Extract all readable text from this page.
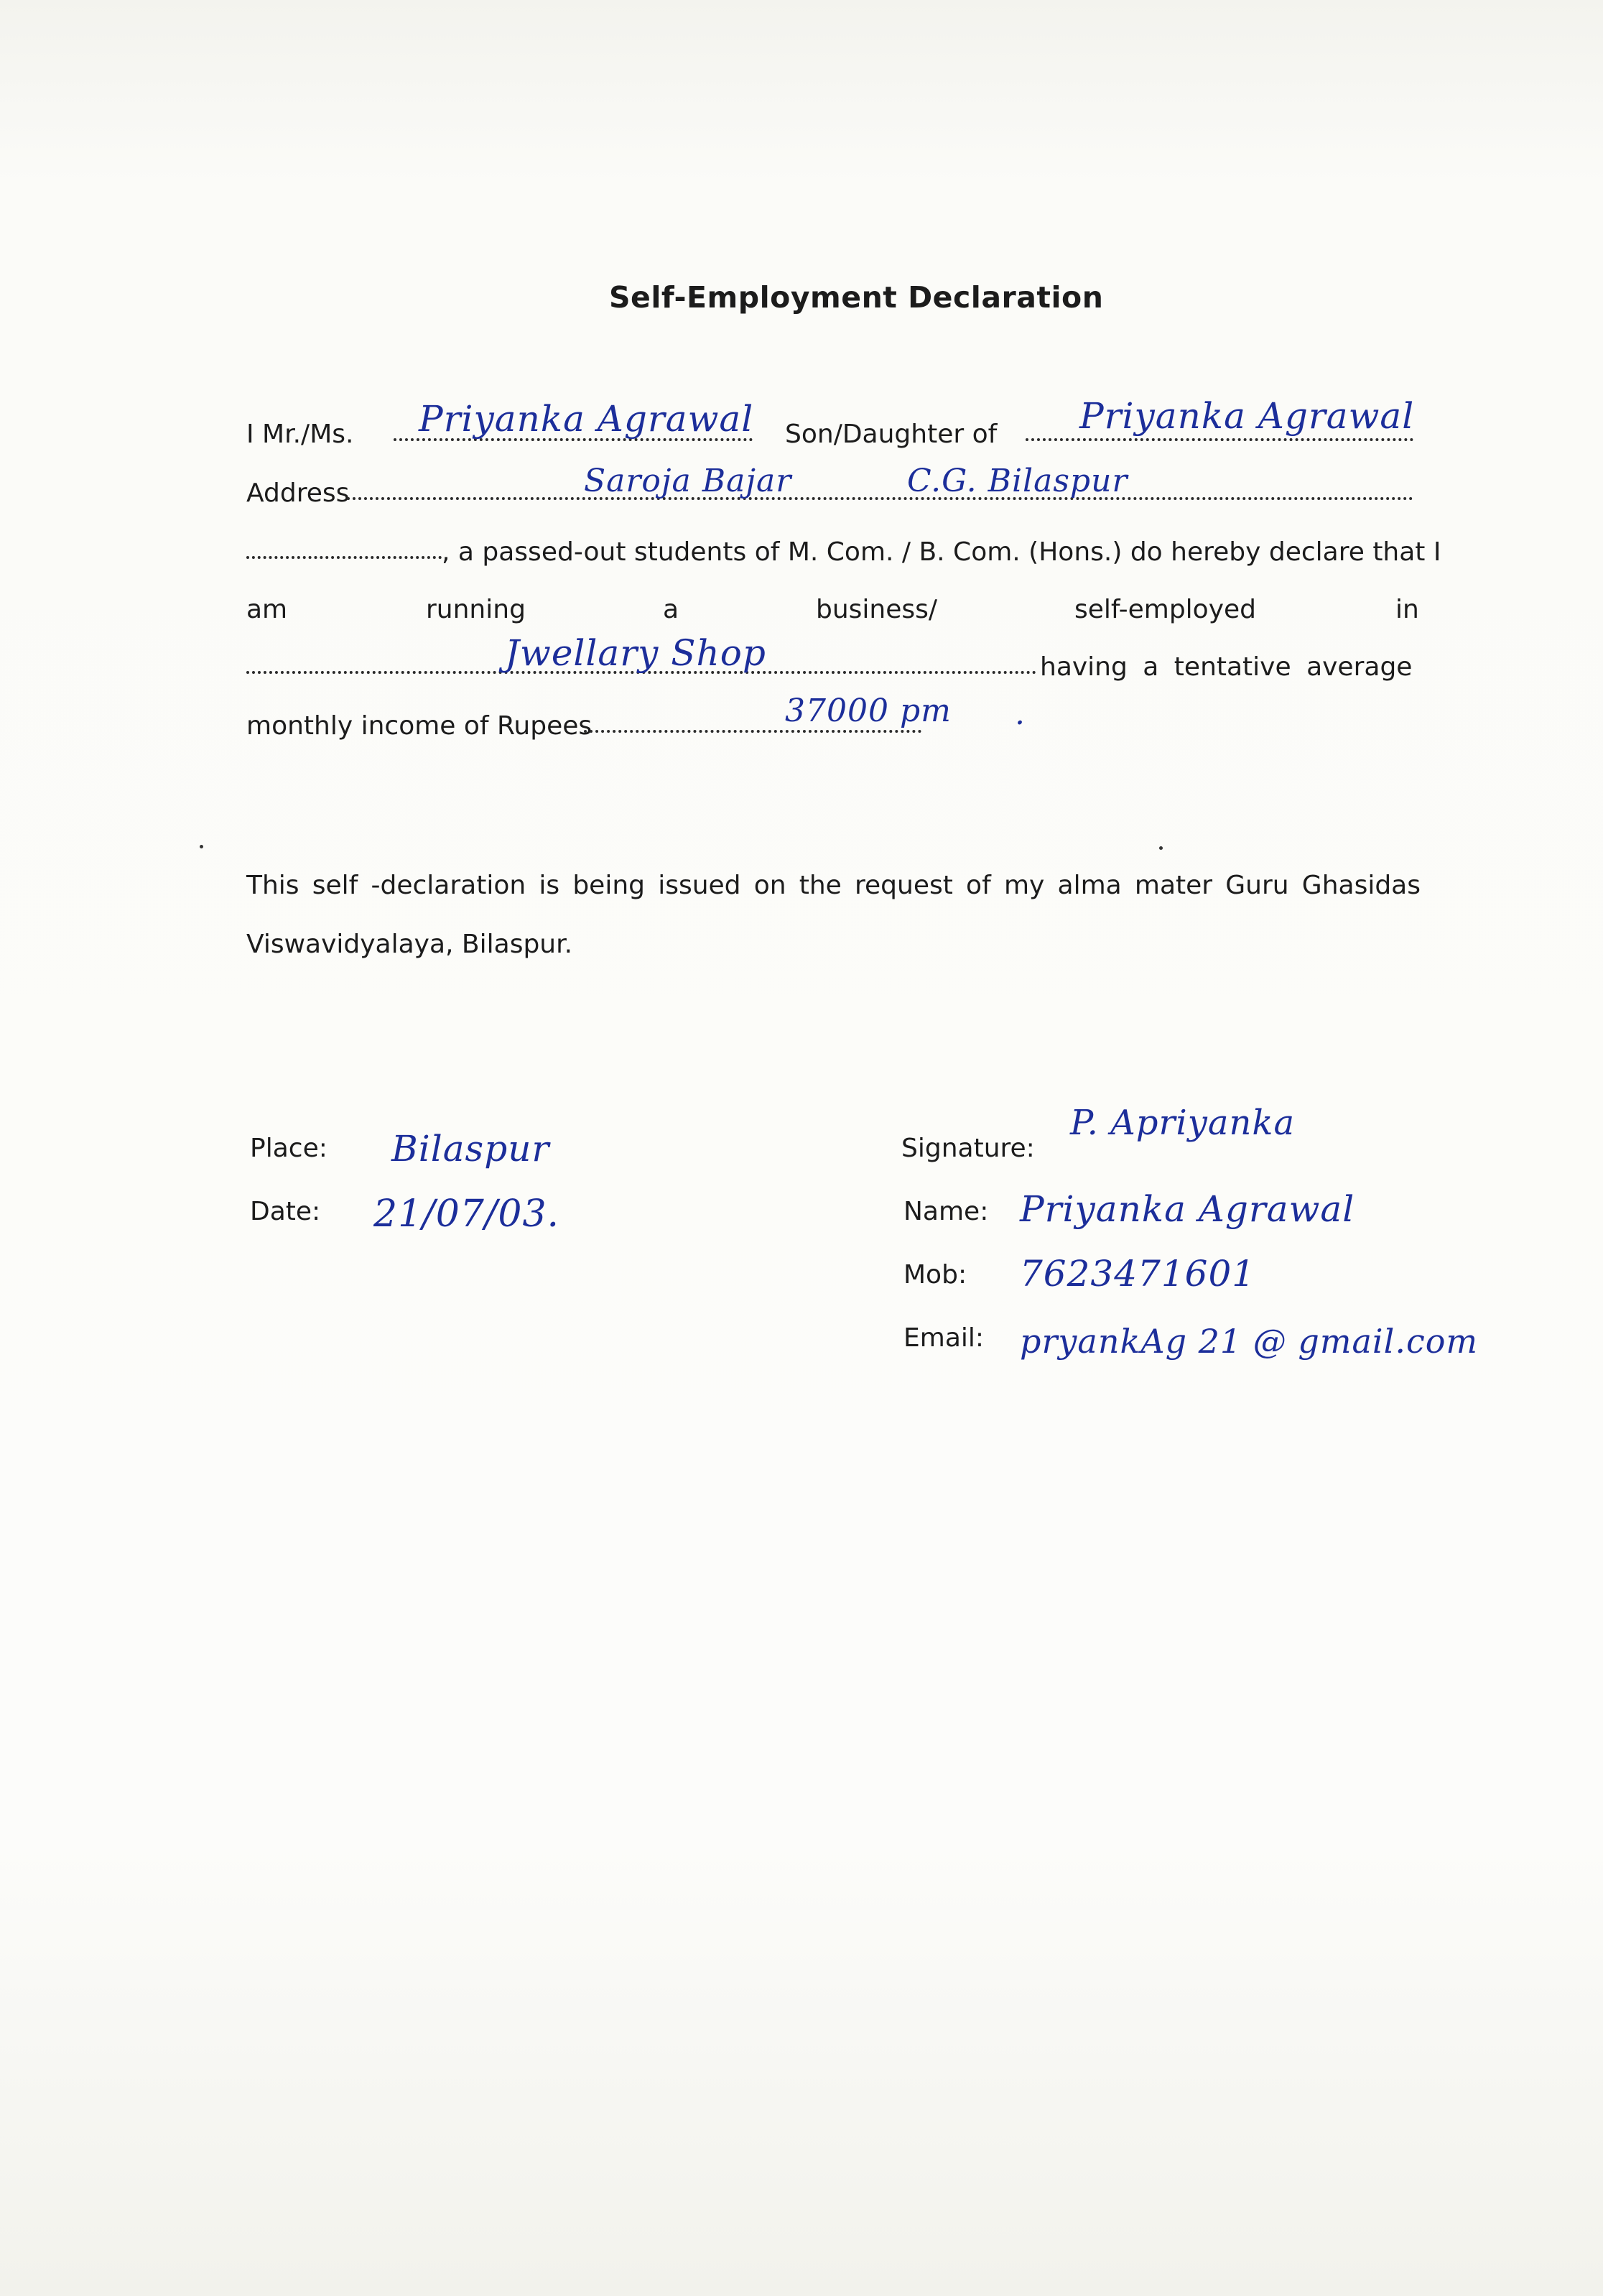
Self-Employment Declaration
I Mr./Ms. Priyanka Agrawal Son/Daughter of Priyanka Agrawal
Address	Saroja Bajar	C.G. Bilaspur
, a passed-out students of M. Com. / B. Com. (Hons.) do hereby declare that I
am	running	a	business/	self-employed	in
Jwellary Shop	having a tentative average
monthly income of Rupees	37000 pm .
This self -declaration is being issued on the request of my alma mater Guru Ghasidas
Viswavidyalaya, Bilaspur.
Place: Bilaspur
Date: 21/07/03.
Signature:
P. Apriyanka
Name: Priyanka Agrawal
Mob: 7623471601
Email: pryankAg 21 @ gmail.com
